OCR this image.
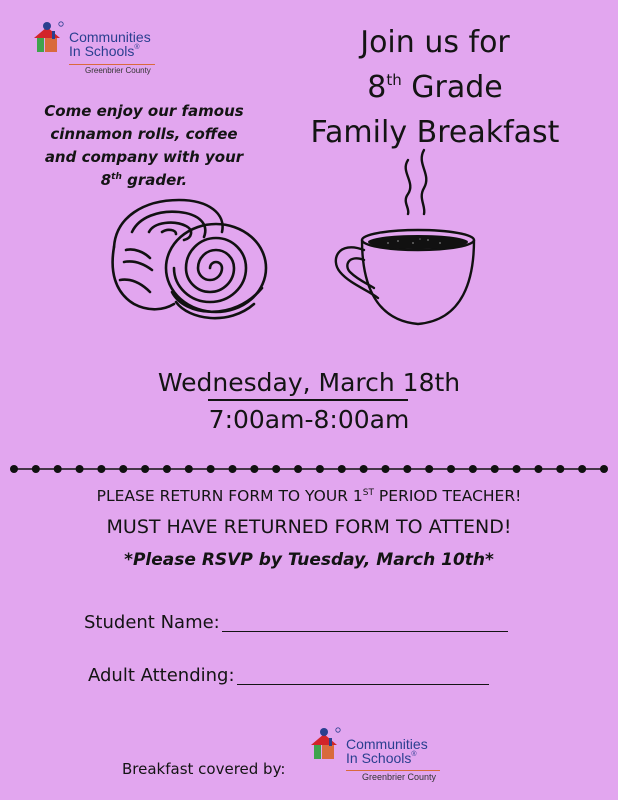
Communities
In Schools®
Greenbrier County
Join us for
8th Grade
Family Breakfast
Come enjoy our famous
cinnamon rolls, coffee
and company with your
8th grader.
Wednesday, March 18th
7:00am-8:00am
PLEASE RETURN FORM TO YOUR 1ST PERIOD TEACHER!
MUST HAVE RETURNED FORM TO ATTEND!
*Please RSVP by Tuesday, March 10th*
Student Name:
Adult Attending:
Breakfast covered by:
Communities
In Schools®
Greenbrier County
